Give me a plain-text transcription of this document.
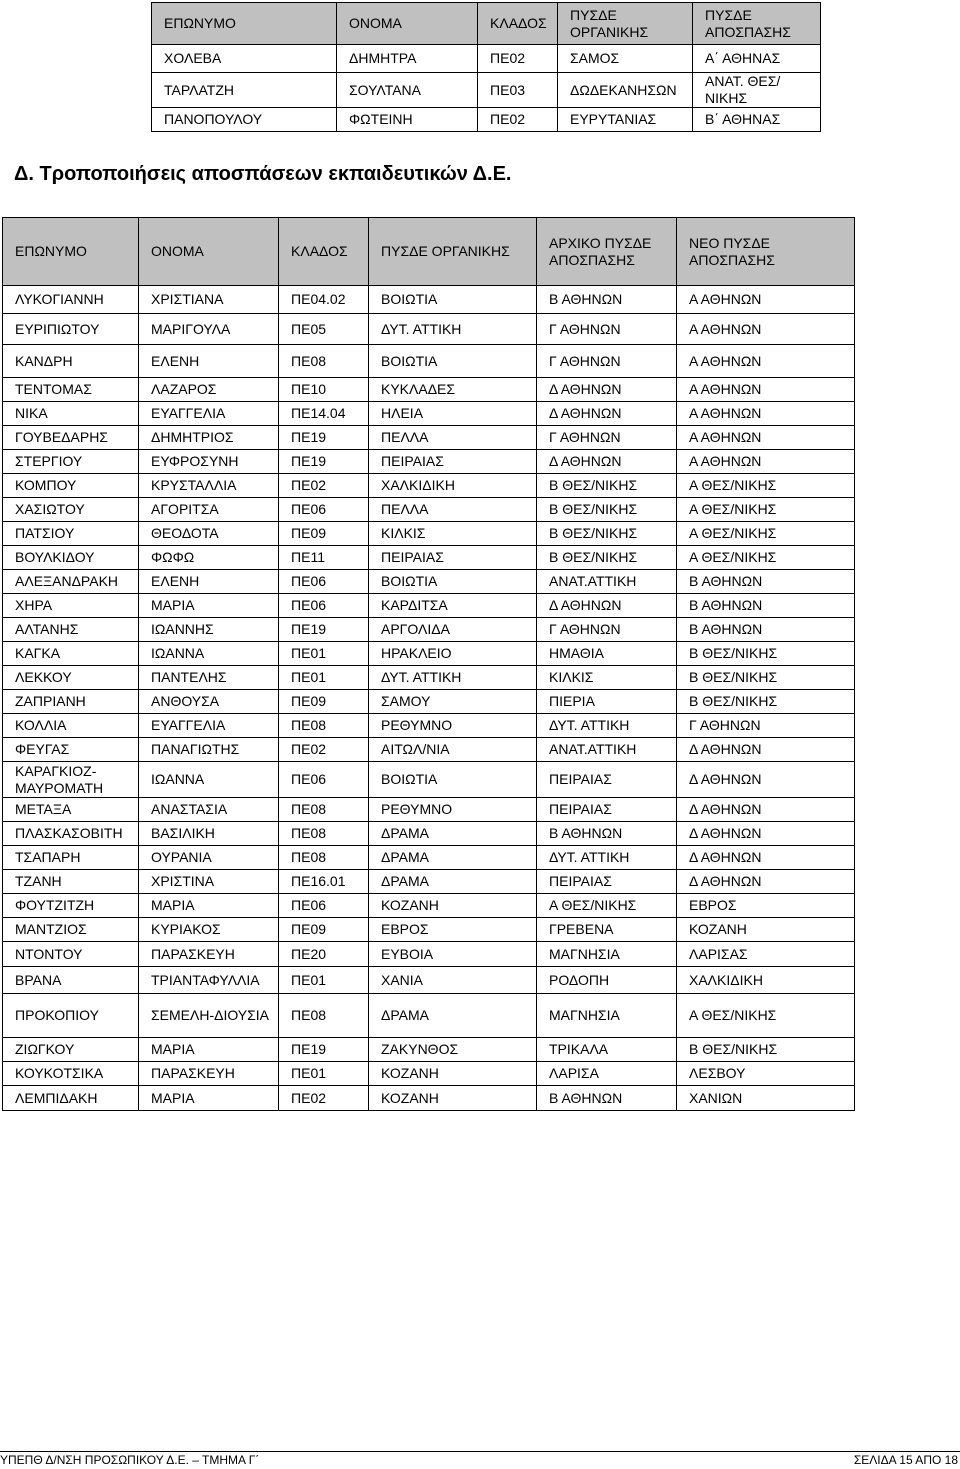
ΕΠΩΝΥΜΟ	ΟΝΟΜΑ	ΚΛΑΔΟΣ	ΠΥΣΔΕ ΟΡΓΑΝΙΚΗΣ	ΠΥΣΔΕ ΑΠΟΣΠΑΣΗΣ
ΧΟΛΕΒΑ	ΔΗΜΗΤΡΑ	ΠΕ02	ΣΑΜΟΣ	Α΄ ΑΘΗΝΑΣ
ΤΑΡΛΑΤΖΗ	ΣΟΥΛΤΑΝΑ	ΠΕ03	ΔΩΔΕΚΑΝΗΣΩΝ	ΑΝΑΤ. ΘΕΣ/ΝΙΚΗΣ
ΠΑΝΟΠΟΥΛΟΥ	ΦΩΤΕΙΝΗ	ΠΕ02	ΕΥΡΥΤΑΝΙΑΣ	Β΄ ΑΘΗΝΑΣ
Δ. Τροποποιήσεις αποσπάσεων εκπαιδευτικών Δ.Ε.
ΕΠΩΝΥΜΟ	ΟΝΟΜΑ	ΚΛΑΔΟΣ	ΠΥΣΔΕ ΟΡΓΑΝΙΚΗΣ	ΑΡΧΙΚΟ ΠΥΣΔΕ ΑΠΟΣΠΑΣΗΣ	ΝΕΟ ΠΥΣΔΕ ΑΠΟΣΠΑΣΗΣ
ΛΥΚΟΓΙΑΝΝΗ	ΧΡΙΣΤΙΑΝΑ	ΠΕ04.02	ΒΟΙΩΤΙΑ	Β ΑΘΗΝΩΝ	Α ΑΘΗΝΩΝ
ΕΥΡΙΠΙΩΤΟΥ	ΜΑΡΙΓΟΥΛΑ	ΠΕ05	ΔΥΤ. ΑΤΤΙΚΗ	Γ ΑΘΗΝΩΝ	Α ΑΘΗΝΩΝ
ΚΑΝΔΡΗ	ΕΛΕΝΗ	ΠΕ08	ΒΟΙΩΤΙΑ	Γ ΑΘΗΝΩΝ	Α ΑΘΗΝΩΝ
ΤΕΝΤΟΜΑΣ	ΛΑΖΑΡΟΣ	ΠΕ10	ΚΥΚΛΑΔΕΣ	Δ ΑΘΗΝΩΝ	Α ΑΘΗΝΩΝ
ΝΙΚΑ	ΕΥΑΓΓΕΛΙΑ	ΠΕ14.04	ΗΛΕΙΑ	Δ ΑΘΗΝΩΝ	Α ΑΘΗΝΩΝ
ΓΟΥΒΕΔΑΡΗΣ	ΔΗΜΗΤΡΙΟΣ	ΠΕ19	ΠΕΛΛΑ	Γ ΑΘΗΝΩΝ	Α ΑΘΗΝΩΝ
ΣΤΕΡΓΙΟΥ	ΕΥΦΡΟΣΥΝΗ	ΠΕ19	ΠΕΙΡΑΙΑΣ	Δ ΑΘΗΝΩΝ	Α ΑΘΗΝΩΝ
ΚΟΜΠΟΥ	ΚΡΥΣΤΑΛΛΙΑ	ΠΕ02	ΧΑΛΚΙΔΙΚΗ	Β ΘΕΣ/ΝΙΚΗΣ	Α ΘΕΣ/ΝΙΚΗΣ
ΧΑΣΙΩΤΟΥ	ΑΓΟΡΙΤΣΑ	ΠΕ06	ΠΕΛΛΑ	Β ΘΕΣ/ΝΙΚΗΣ	Α ΘΕΣ/ΝΙΚΗΣ
ΠΑΤΣΙΟΥ	ΘΕΟΔΟΤΑ	ΠΕ09	ΚΙΛΚΙΣ	Β ΘΕΣ/ΝΙΚΗΣ	Α ΘΕΣ/ΝΙΚΗΣ
ΒΟΥΛΚΙΔΟΥ	ΦΩΦΩ	ΠΕ11	ΠΕΙΡΑΙΑΣ	Β ΘΕΣ/ΝΙΚΗΣ	Α ΘΕΣ/ΝΙΚΗΣ
ΑΛΕΞΑΝΔΡΑΚΗ	ΕΛΕΝΗ	ΠΕ06	ΒΟΙΩΤΙΑ	ΑΝΑΤ.ΑΤΤΙΚΗ	Β ΑΘΗΝΩΝ
ΧΗΡΑ	ΜΑΡΙΑ	ΠΕ06	ΚΑΡΔΙΤΣΑ	Δ ΑΘΗΝΩΝ	Β ΑΘΗΝΩΝ
ΑΛΤΑΝΗΣ	ΙΩΑΝΝΗΣ	ΠΕ19	ΑΡΓΟΛΙΔΑ	Γ ΑΘΗΝΩΝ	Β ΑΘΗΝΩΝ
ΚΑΓΚΑ	ΙΩΑΝΝΑ	ΠΕ01	ΗΡΑΚΛΕΙΟ	ΗΜΑΘΙΑ	Β ΘΕΣ/ΝΙΚΗΣ
ΛΕΚΚΟΥ	ΠΑΝΤΕΛΗΣ	ΠΕ01	ΔΥΤ. ΑΤΤΙΚΗ	ΚΙΛΚΙΣ	Β ΘΕΣ/ΝΙΚΗΣ
ΖΑΠΡΙΑΝΗ	ΑΝΘΟΥΣΑ	ΠΕ09	ΣΑΜΟΥ	ΠΙΕΡΙΑ	Β ΘΕΣ/ΝΙΚΗΣ
ΚΟΛΛΙΑ	ΕΥΑΓΓΕΛΙΑ	ΠΕ08	ΡΕΘΥΜΝΟ	ΔΥΤ. ΑΤΤΙΚΗ	Γ ΑΘΗΝΩΝ
ΦΕΥΓΑΣ	ΠΑΝΑΓΙΩΤΗΣ	ΠΕ02	ΑΙΤΩΛ/ΝΙΑ	ΑΝΑΤ.ΑΤΤΙΚΗ	Δ ΑΘΗΝΩΝ
ΚΑΡΑΓΚΙΟΖ-ΜΑΥΡΟΜΑΤΗ	ΙΩΑΝΝΑ	ΠΕ06	ΒΟΙΩΤΙΑ	ΠΕΙΡΑΙΑΣ	Δ ΑΘΗΝΩΝ
ΜΕΤΑΞΑ	ΑΝΑΣΤΑΣΙΑ	ΠΕ08	ΡΕΘΥΜΝΟ	ΠΕΙΡΑΙΑΣ	Δ ΑΘΗΝΩΝ
ΠΛΑΣΚΑΣΟΒΙΤΗ	ΒΑΣΙΛΙΚΗ	ΠΕ08	ΔΡΑΜΑ	Β ΑΘΗΝΩΝ	Δ ΑΘΗΝΩΝ
ΤΣΑΠΑΡΗ	ΟΥΡΑΝΙΑ	ΠΕ08	ΔΡΑΜΑ	ΔΥΤ. ΑΤΤΙΚΗ	Δ ΑΘΗΝΩΝ
ΤΖΑΝΗ	ΧΡΙΣΤΙΝΑ	ΠΕ16.01	ΔΡΑΜΑ	ΠΕΙΡΑΙΑΣ	Δ ΑΘΗΝΩΝ
ΦΟΥΤΖΙΤΖΗ	ΜΑΡΙΑ	ΠΕ06	ΚΟΖΑΝΗ	Α ΘΕΣ/ΝΙΚΗΣ	ΕΒΡΟΣ
ΜΑΝΤΖΙΟΣ	ΚΥΡΙΑΚΟΣ	ΠΕ09	ΕΒΡΟΣ	ΓΡΕΒΕΝΑ	ΚΟΖΑΝΗ
ΝΤΟΝΤΟΥ	ΠΑΡΑΣΚΕΥΗ	ΠΕ20	ΕΥΒΟΙΑ	ΜΑΓΝΗΣΙΑ	ΛΑΡΙΣΑΣ
ΒΡΑΝΑ	ΤΡΙΑΝΤΑΦΥΛΛΙΑ	ΠΕ01	ΧΑΝΙΑ	ΡΟΔΟΠΗ	ΧΑΛΚΙΔΙΚΗ
ΠΡΟΚΟΠΙΟΥ	ΣΕΜΕΛΗ-ΔΙΟΥΣΙΑ	ΠΕ08	ΔΡΑΜΑ	ΜΑΓΝΗΣΙΑ	Α ΘΕΣ/ΝΙΚΗΣ
ΖΙΩΓΚΟΥ	ΜΑΡΙΑ	ΠΕ19	ΖΑΚΥΝΘΟΣ	ΤΡΙΚΑΛΑ	Β ΘΕΣ/ΝΙΚΗΣ
ΚΟΥΚΟΤΣΙΚΑ	ΠΑΡΑΣΚΕΥΗ	ΠΕ01	ΚΟΖΑΝΗ	ΛΑΡΙΣΑ	ΛΕΣΒΟΥ
ΛΕΜΠΙΔΑΚΗ	ΜΑΡΙΑ	ΠΕ02	ΚΟΖΑΝΗ	Β ΑΘΗΝΩΝ	ΧΑΝΙΩΝ
ΥΠΕΠΘ Δ/ΝΣΗ ΠΡΟΣΩΠΙΚΟΥ Δ.Ε. – ΤΜΗΜΑ Γ΄	ΣΕΛΙΔΑ 15 ΑΠΟ 18
